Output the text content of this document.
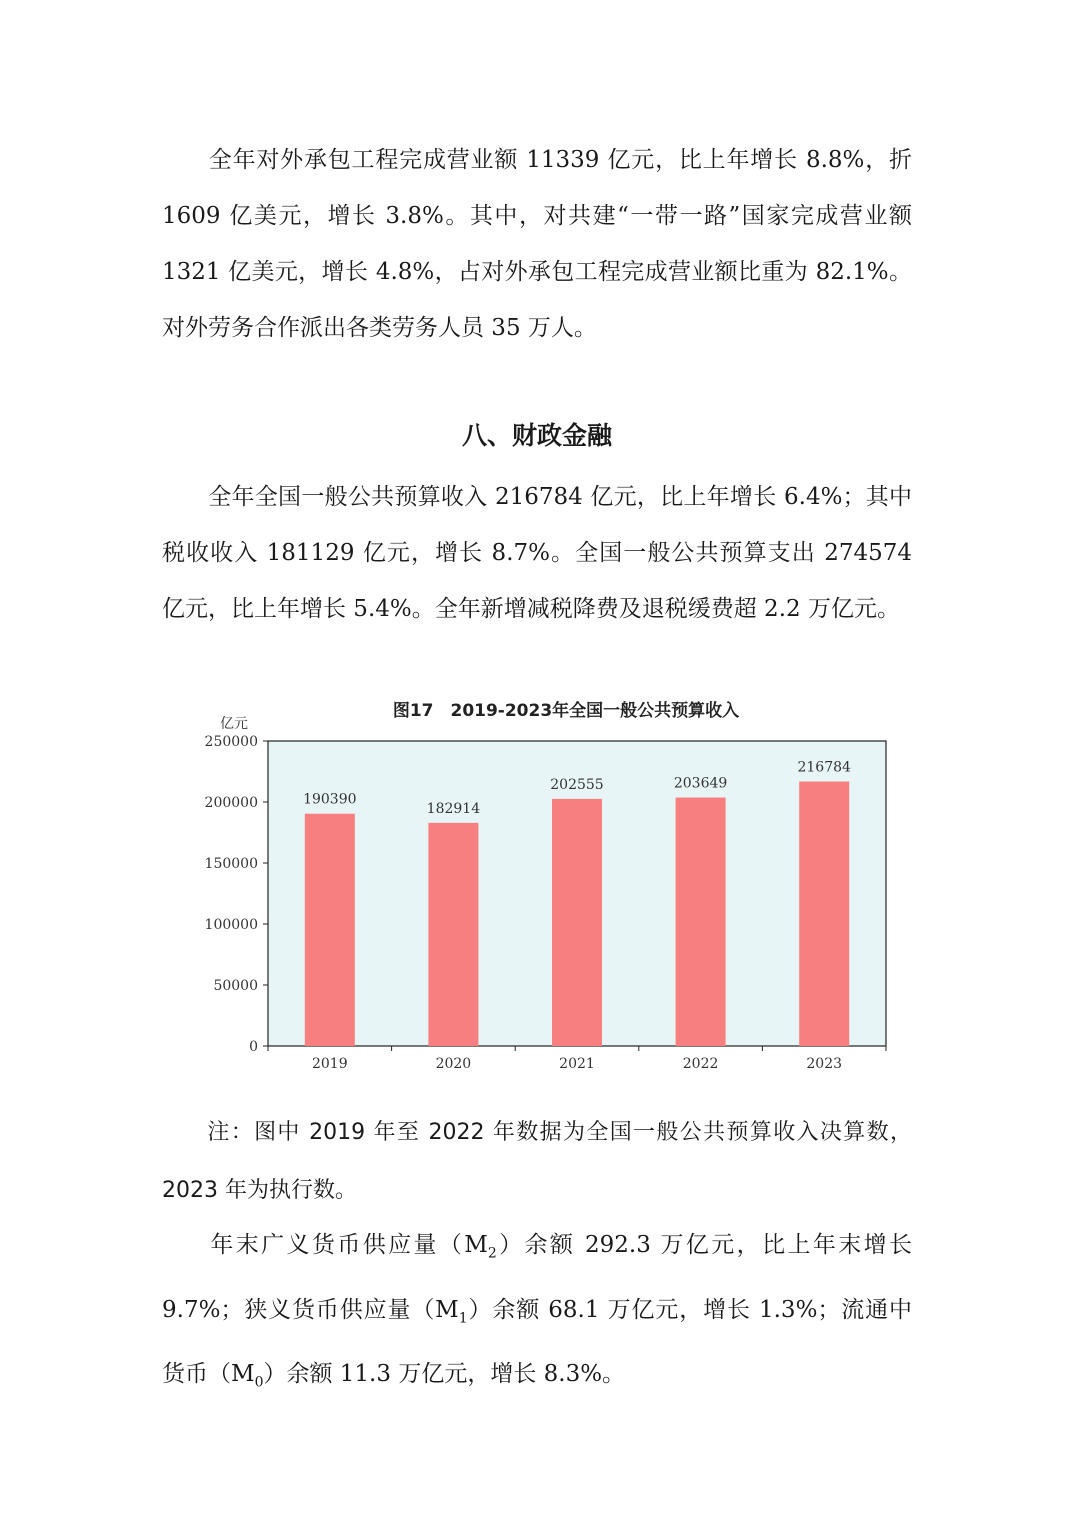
全年对外承包工程完成营业额 11339 亿元，比上年增长 8.8%，折 1609 亿美元，增长 3.8%。其中，对共建“一带一路”国家完成营业额 1321 亿美元，增长 4.8%，占对外承包工程完成营业额比重为 82.1%。对外劳务合作派出各类劳务人员 35 万人。

八、财政金融

全年全国一般公共预算收入 216784 亿元，比上年增长 6.4%；其中税收收入 181129 亿元，增长 8.7%。全国一般公共预算支出 274574 亿元，比上年增长 5.4%。全年新增减税降费及退税缓费超 2.2 万亿元。

图17　2019-2023年全国一般公共预算收入
亿元
0
50000
100000
150000
200000
250000
190390
182914
202555	203649
216784
2019	2020	2021	2022	2023

注：图中 2019 年至 2022 年数据为全国一般公共预算收入决算数，2023 年为执行数。

年末广义货币供应量$(M_2)$余额 292.3 万亿元，比上年末增长 9.7%；狭义货币供应量$(M_1)$余额 68.1 万亿元，增长 1.3%；流通中货币$(M_0)$余额 11.3 万亿元，增长 8.3%。
